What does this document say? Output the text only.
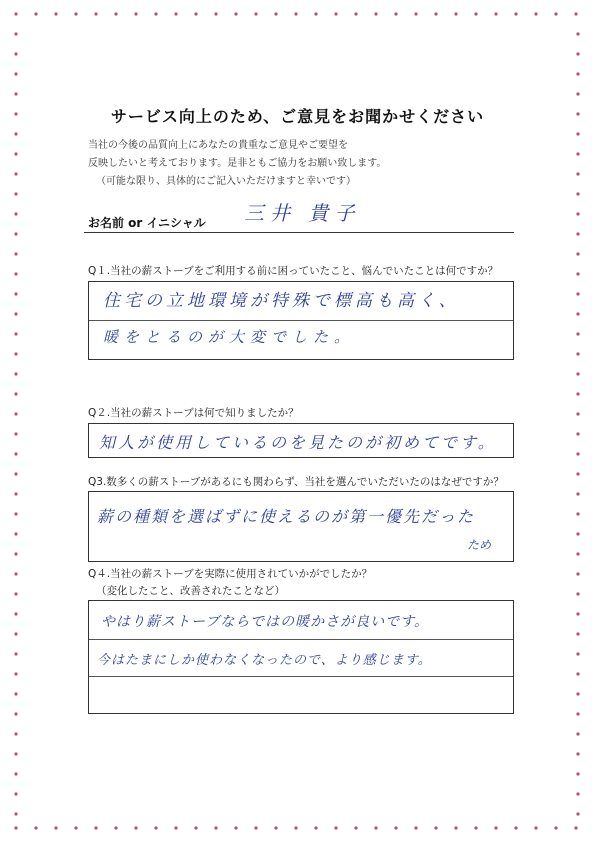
サービス向上のため、ご意見をお聞かせください
当社の今後の品質向上にあなたの貴重なご意見やご要望を
反映したいと考えております。是非ともご協力をお願い致します。
（可能な限り、具体的にご記入いただけますと幸いです）
お名前 or イニシャル 三井 貴子
Q１.当社の薪ストーブをご利用する前に困っていたこと、悩んでいたことは何ですか？
住宅の立地環境が特殊で標高も高く、
暖をとるのが大変でした。
Q２.当社の薪ストーブは何で知りましたか？
知人が使用しているのを見たのが初めてです。
Q3.数多くの薪ストーブがあるにも関わらず、当社を選んでいただいたのはなぜですか？
薪の種類を選ばずに使えるのが第一優先だった
ため
Q４.当社の薪ストーブを実際に使用されていかがでしたか？
（変化したこと、改善されたことなど）
やはり薪ストーブならではの暖かさが良いです。
今はたまにしか使わなくなったので、より感じます。
